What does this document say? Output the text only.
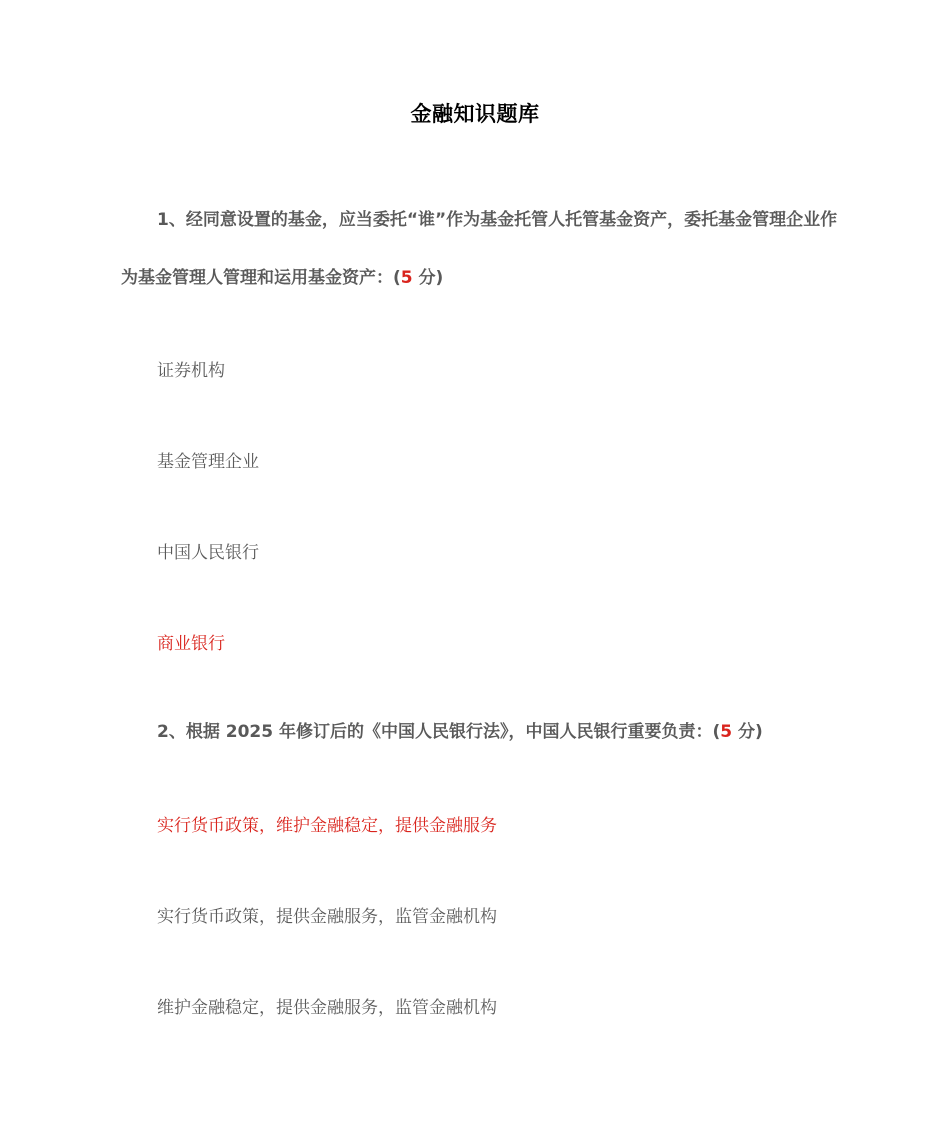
金融知识题库
1、经同意设置的基金，应当委托“谁”作为基金托管人托管基金资产，委托基金管理企业作为基金管理人管理和运用基金资产：(5 分)
证券机构
基金管理企业
中国人民银行
商业银行
2、根据 2025 年修订后的《中国人民银行法》，中国人民银行重要负责：(5 分)
实行货币政策，维护金融稳定，提供金融服务
实行货币政策，提供金融服务，监管金融机构
维护金融稳定，提供金融服务，监管金融机构
